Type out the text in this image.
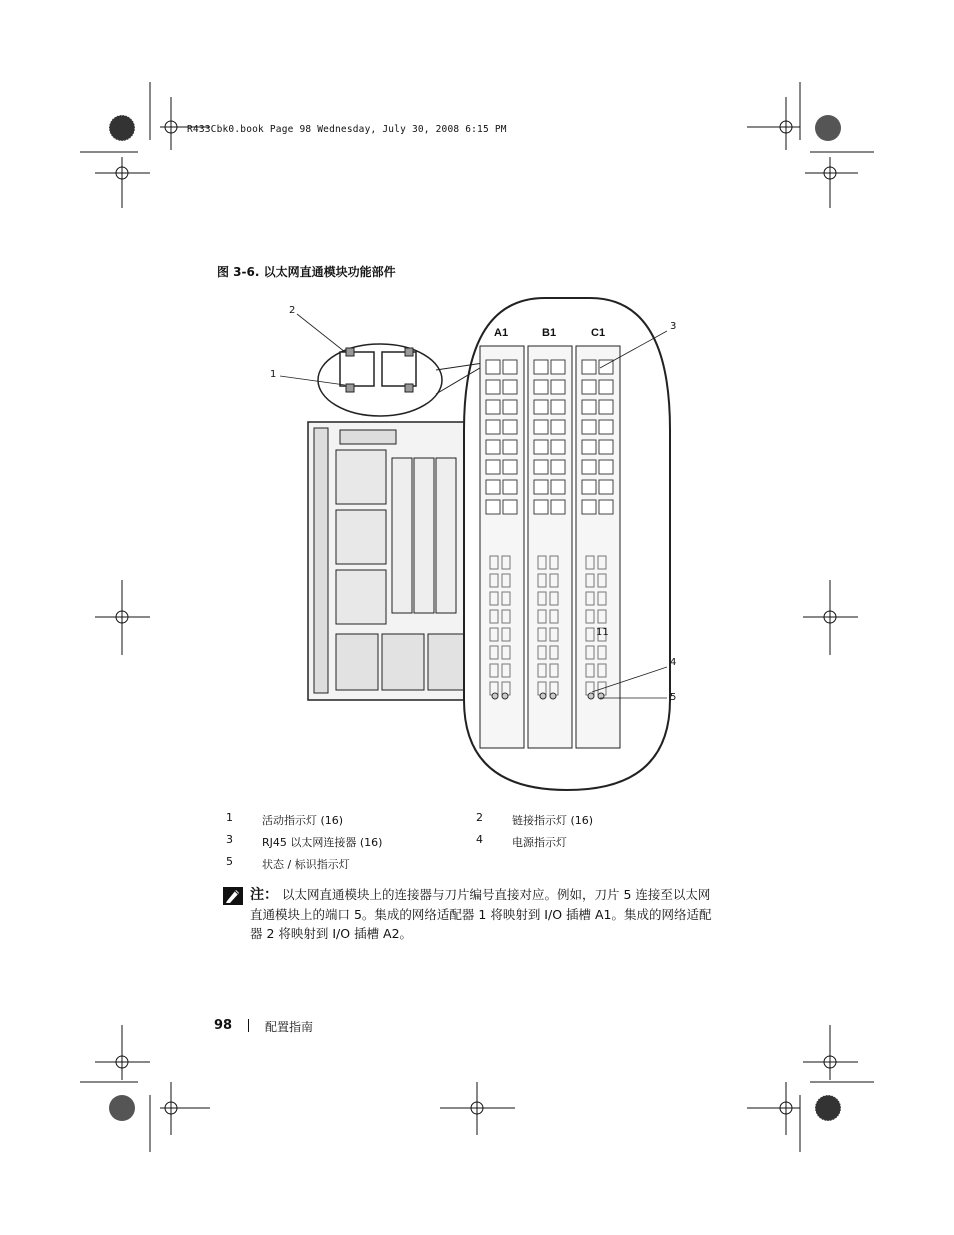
R433Cbk0.book Page 98 Wednesday, July 30, 2008 6:15 PM
图 3-6. 以太网直通模块功能部件
A1	B1	C1
11
2
1
3
4
5
1	活动指示灯 (16)	2	链接指示灯 (16)
3	RJ45 以太网连接器 (16)	4	电源指示灯
5	状态 / 标识指示灯
注： 以太网直通模块上的连接器与刀片编号直接对应。例如，刀片 5 连接至以太网直通模块上的端口 5。集成的网络适配器 1 将映射到 I/O 插槽 A1。集成的网络适配器 2 将映射到 I/O 插槽 A2。
98	配置指南
